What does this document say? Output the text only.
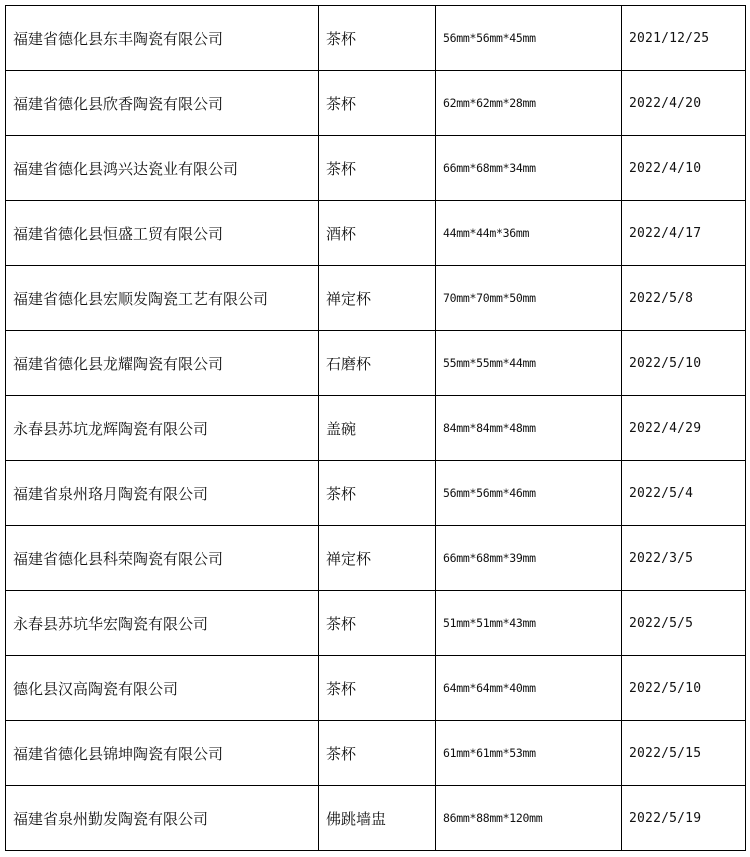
福建省德化县东丰陶瓷有限公司	茶杯	56mm*56mm*45mm	2021/12/25
福建省德化县欣香陶瓷有限公司	茶杯	62mm*62mm*28mm	2022/4/20
福建省德化县鸿兴达瓷业有限公司	茶杯	66mm*68mm*34mm	2022/4/10
福建省德化县恒盛工贸有限公司	酒杯	44mm*44m*36mm	2022/4/17
福建省德化县宏顺发陶瓷工艺有限公司	禅定杯	70mm*70mm*50mm	2022/5/8
福建省德化县龙耀陶瓷有限公司	石磨杯	55mm*55mm*44mm	2022/5/10
永春县苏坑龙辉陶瓷有限公司	盖碗	84mm*84mm*48mm	2022/4/29
福建省泉州珞月陶瓷有限公司	茶杯	56mm*56mm*46mm	2022/5/4
福建省德化县科荣陶瓷有限公司	禅定杯	66mm*68mm*39mm	2022/3/5
永春县苏坑华宏陶瓷有限公司	茶杯	51mm*51mm*43mm	2022/5/5
德化县汉高陶瓷有限公司	茶杯	64mm*64mm*40mm	2022/5/10
福建省德化县锦坤陶瓷有限公司	茶杯	61mm*61mm*53mm	2022/5/15
福建省泉州勤发陶瓷有限公司	佛跳墙盅	86mm*88mm*120mm	2022/5/19
